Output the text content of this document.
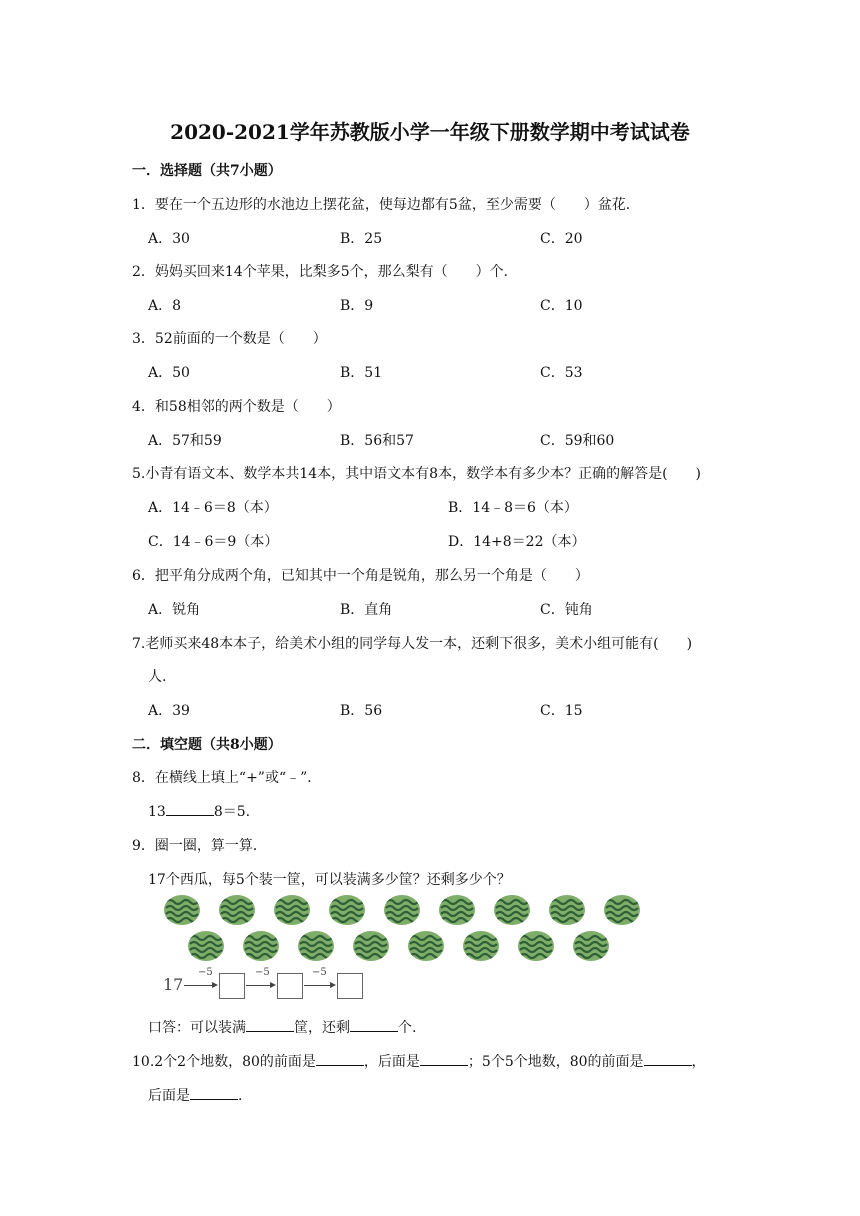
2020-2021学年苏教版小学一年级下册数学期中考试试卷
一．选择题（共7小题）
1．要在一个五边形的水池边上摆花盆，使每边都有5盆，至少需要（　　）盆花．
A．30	B．25	C．20
2．妈妈买回来14个苹果，比梨多5个，那么梨有（　　）个．
A．8	B．9	C．10
3．52前面的一个数是（　　）
A．50	B．51	C．53
4．和58相邻的两个数是（　　）
A．57和59	B．56和57	C．59和60
5.小青有语文本、数学本共14本，其中语文本有8本，数学本有多少本？正确的解答是(　　)
A．14﹣6＝8（本）	B．14﹣8＝6（本）
C．14﹣6＝9（本）	D．14+8＝22（本）
6．把平角分成两个角，已知其中一个角是锐角，那么另一个角是（　　）
A．锐角	B．直角	C．钝角
7.老师买来48本本子，给美术小组的同学每人发一本，还剩下很多，美术小组可能有(　　)
人.
A．39	B．56	C．15
二．填空题（共8小题）
8．在横线上填上“+”或“﹣”．
13	8＝5.
9．圈一圈，算一算．
17个西瓜，每5个装一筐，可以装满多少筐？还剩多少个？
17
−5	−5	−5
口答：可以装满	筐，还剩	个.
10.2个2个地数，80的前面是	，后面是	；5个5个地数，80的前面是	，
后面是	.
